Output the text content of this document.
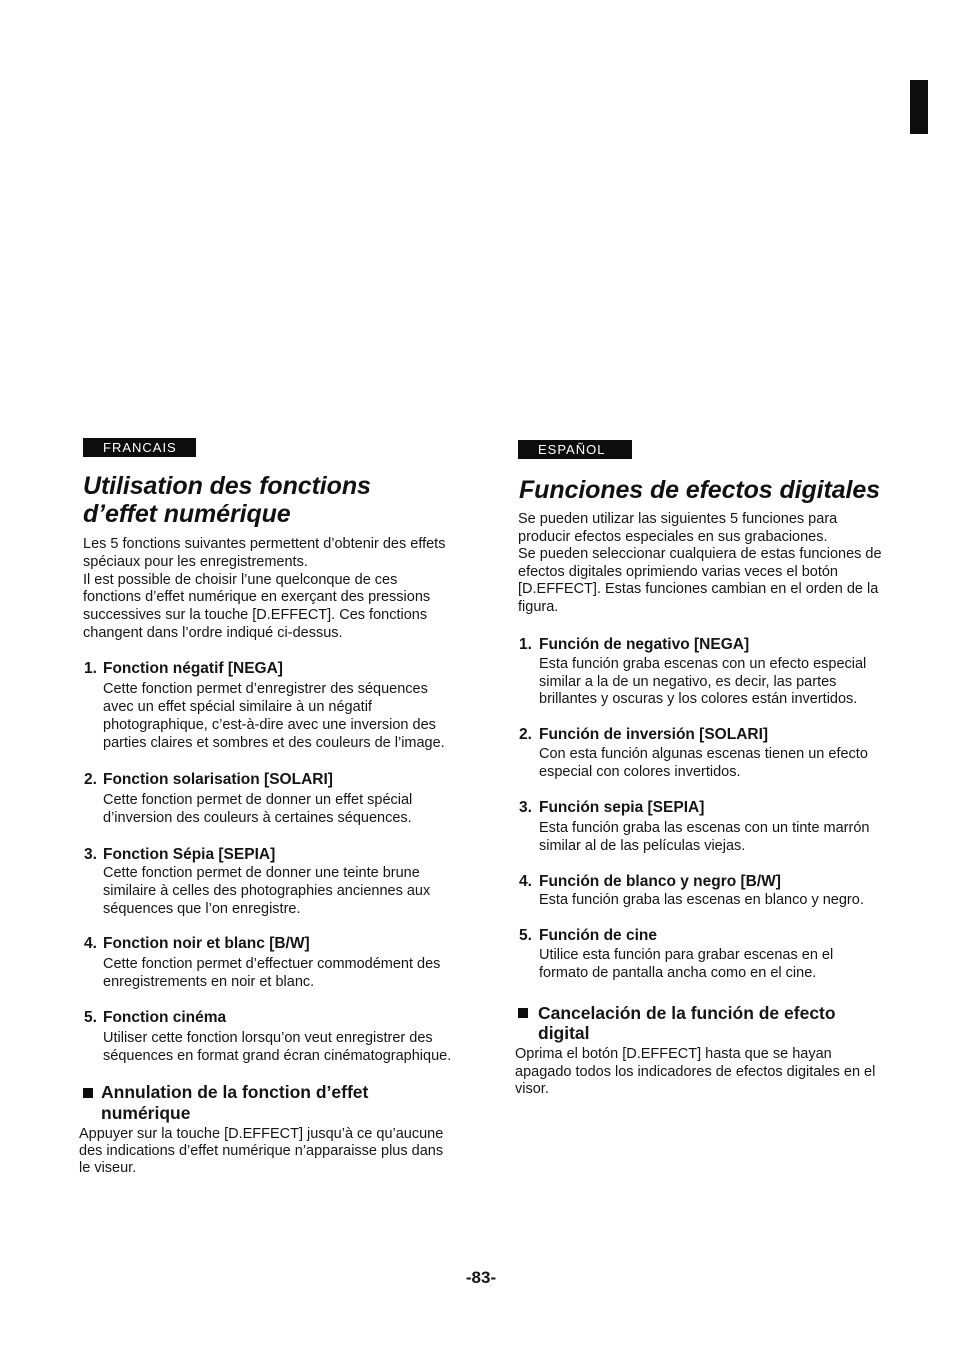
FRANCAIS
Utilisation des fonctions
d’effet numérique
Les 5 fonctions suivantes permettent d’obtenir des effets
spéciaux pour les enregistrements.
Il est possible de choisir l’une quelconque de ces
fonctions d’effet numérique en exerçant des pressions
successives sur la touche [D.EFFECT]. Ces fonctions
changent dans l’ordre indiqué ci-dessus.
1. Fonction négatif [NEGA]
Cette fonction permet d’enregistrer des séquences
avec un effet spécial similaire à un négatif
photographique, c’est-à-dire avec une inversion des
parties claires et sombres et des couleurs de l’image.
2. Fonction solarisation [SOLARI]
Cette fonction permet de donner un effet spécial
d’inversion des couleurs à certaines séquences.
3. Fonction Sépia [SEPIA]
Cette fonction permet de donner une teinte brune
similaire à celles des photographies anciennes aux
séquences que l’on enregistre.
4. Fonction noir et blanc [B/W]
Cette fonction permet d’effectuer commodément des
enregistrements en noir et blanc.
5. Fonction cinéma
Utiliser cette fonction lorsqu’on veut enregistrer des
séquences en format grand écran cinématographique.
Annulation de la fonction d’effet
numérique
Appuyer sur la touche [D.EFFECT] jusqu’à ce qu’aucune
des indications d’effet numérique n’apparaisse plus dans
le viseur.
ESPAÑOL
Funciones de efectos digitales
Se pueden utilizar las siguientes 5 funciones para
producir efectos especiales en sus grabaciones.
Se pueden seleccionar cualquiera de estas funciones de
efectos digitales oprimiendo varias veces el botón
[D.EFFECT]. Estas funciones cambian en el orden de la
figura.
1. Función de negativo [NEGA]
Esta función graba escenas con un efecto especial
similar a la de un negativo, es decir, las partes
brillantes y oscuras y los colores están invertidos.
2. Función de inversión [SOLARI]
Con esta función algunas escenas tienen un efecto
especial con colores invertidos.
3. Función sepia [SEPIA]
Esta función graba las escenas con un tinte marrón
similar al de las películas viejas.
4. Función de blanco y negro [B/W]
Esta función graba las escenas en blanco y negro.
5. Función de cine
Utilice esta función para grabar escenas en el
formato de pantalla ancha como en el cine.
Cancelación de la función de efecto
digital
Oprima el botón [D.EFFECT] hasta que se hayan
apagado todos los indicadores de efectos digitales en el
visor.
-83-
